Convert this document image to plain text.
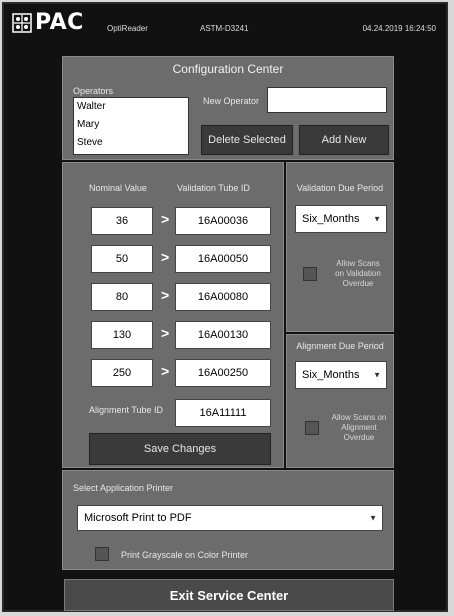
PAC	OptiReader	ASTM-D3241	04.24.2019 16:24:50
Configuration Center
Operators
Walter
Mary
Steve
New Operator
Delete Selected	Add New
Nominal Value	Validation Tube ID
36	>	16A00036
50	>	16A00050
80	>	16A00080
130	>	16A00130
250	>	16A00250
Alignment Tube ID	16A11111
Save Changes
Validation Due Period
Six_Months ▼
Allow Scans on Validation Overdue
Alignment Due Period
Six_Months ▼
Allow Scans on Alignment Overdue
Select Application Printer
Microsoft Print to PDF	▼
Print Grayscale on Color Printer
Exit Service Center
